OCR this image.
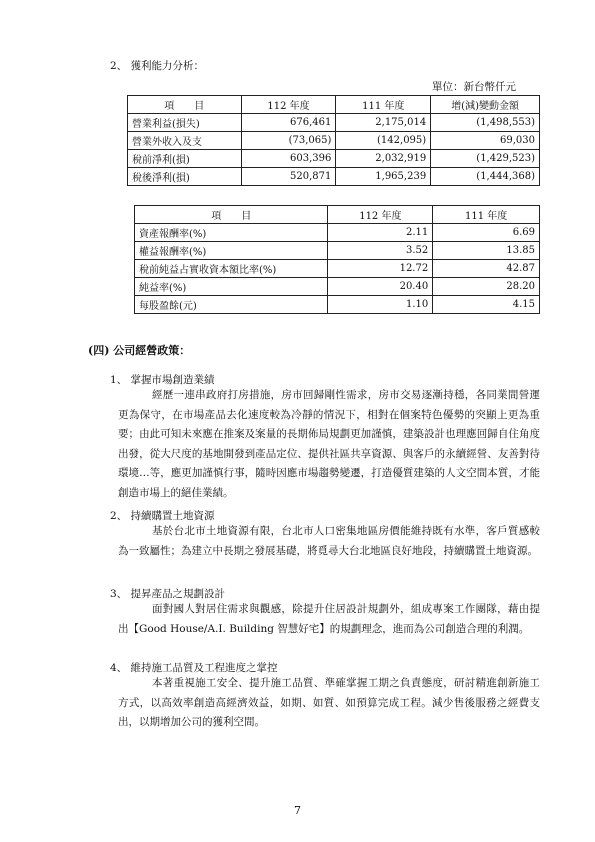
2、 獲利能力分析：
單位：新台幣仟元
項　　目	112 年度	111 年度	增(減)變動金額
營業利益(損失)	676,461	2,175,014	(1,498,553)
營業外收入及支	(73,065)	(142,095)	69,030
稅前淨利(損)	603,396	2,032,919	(1,429,523)
稅後淨利(損)	520,871	1,965,239	(1,444,368)
項　　目	112 年度	111 年度
資產報酬率(%)	2.11	6.69
權益報酬率(%)	3.52	13.85
稅前純益占實收資本額比率(%)	12.72	42.87
純益率(%)	20.40	28.20
每股盈餘(元)	1.10	4.15
(四) 公司經營政策：
1、 掌握市場創造業績
經歷一連串政府打房措施，房市回歸剛性需求，房市交易逐漸持穩，各同業間營運更為保守，在市場產品去化速度較為冷靜的情況下，相對在個案特色優勢的突顯上更為重要；由此可知未來應在推案及案量的長期佈局規劃更加謹慎，建築設計也理應回歸自住角度出發，從大尺度的基地開發到產品定位、提供社區共享資源、與客戶的永續經營、友善對待環境…等，應更加謹慎行事，隨時因應市場趨勢變遷，打造優質建築的人文空間本質，才能創造市場上的絕佳業績。
2、 持續購置土地資源
基於台北市土地資源有限，台北市人口密集地區房價能維持既有水準，客戶質感較為一致屬性；為建立中長期之發展基礎，將覓尋大台北地區良好地段，持續購置土地資源。
3、 提昇產品之規劃設計
面對國人對居住需求與觀感，除提升住居設計規劃外，組成專案工作團隊，藉由提出【Good House/A.I. Building 智慧好宅】的規劃理念，進而為公司創造合理的利潤。
4、 維持施工品質及工程進度之掌控
本著重視施工安全、提升施工品質、準確掌握工期之負責態度，研討精進創新施工方式，以高效率創造高經濟效益，如期、如質、如預算完成工程。減少售後服務之經費支出，以期增加公司的獲利空間。
7
